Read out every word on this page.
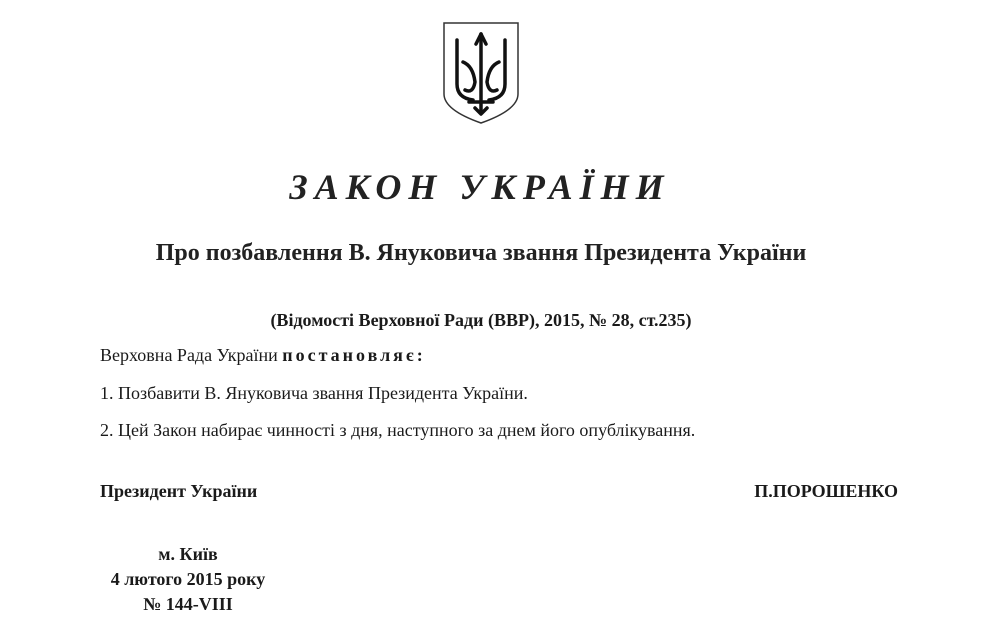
ЗАКОН УКРАЇНИ
Про позбавлення В. Януковича звання Президента України
(Відомості Верховної Ради (ВВР), 2015, № 28, ст.235)
Верховна Рада України постановляє:
1. Позбавити В. Януковича звання Президента України.
2. Цей Закон набирає чинності з дня, наступного за днем його опублікування.
Президент України	П.ПОРОШЕНКО
м. Київ
4 лютого 2015 року
№ 144-VIII
